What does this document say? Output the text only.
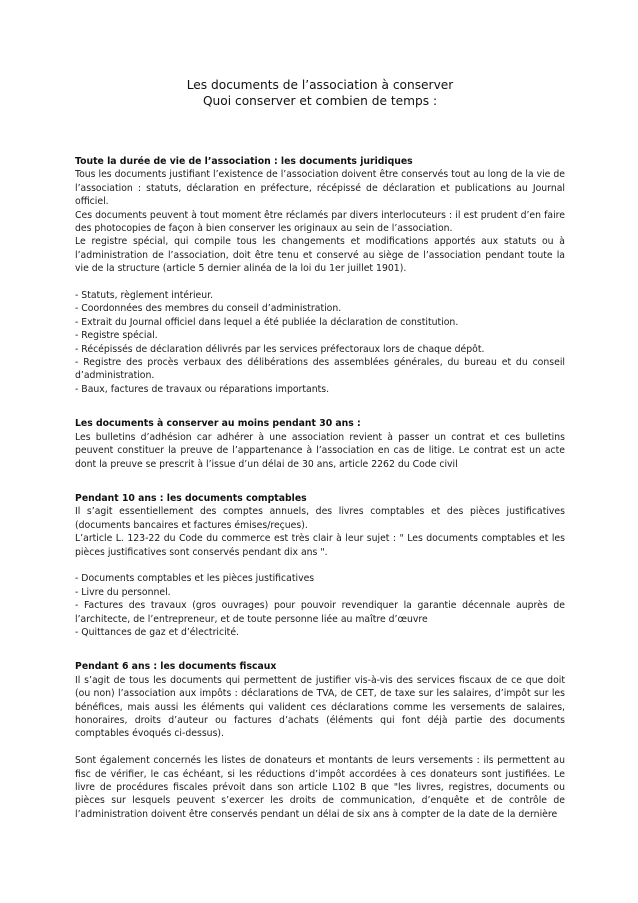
Les documents de l’association à conserver
Quoi conserver et combien de temps :

Toute la durée de vie de l’association : les documents juridiques

Tous les documents justifiant l’existence de l’association doivent être conservés tout au long de la vie de l’association : statuts, déclaration en préfecture, récépissé de déclaration et publications au Journal officiel.

Ces documents peuvent à tout moment être réclamés par divers interlocuteurs : il est prudent d’en faire des photocopies de façon à bien conserver les originaux au sein de l’association.

Le registre spécial, qui compile tous les changements et modifications apportés aux statuts ou à l’administration de l’association, doit être tenu et conservé au siège de l’association pendant toute la vie de la structure (article 5 dernier alinéa de la loi du 1er juillet 1901).

- Statuts, règlement intérieur.

- Coordonnées des membres du conseil d’administration.

- Extrait du Journal officiel dans lequel a été publiée la déclaration de constitution.

- Registre spécial.

- Récépissés de déclaration délivrés par les services préfectoraux lors de chaque dépôt.

- Registre des procès verbaux des délibérations des assemblées générales, du bureau et du conseil d’administration.

- Baux, factures de travaux ou réparations importants.

Les documents à conserver au moins pendant 30 ans :

Les bulletins d’adhésion car adhérer à une association revient à passer un contrat et ces bulletins peuvent constituer la preuve de l’appartenance à l’association en cas de litige. Le contrat est un acte dont la preuve se prescrit à l’issue d’un délai de 30 ans, article 2262 du Code civil

Pendant 10 ans : les documents comptables

Il s’agit essentiellement des comptes annuels, des livres comptables et des pièces justificatives (documents bancaires et factures émises/reçues).

L’article L. 123-22 du Code du commerce est très clair à leur sujet : " Les documents comptables et les pièces justificatives sont conservés pendant dix ans ".

- Documents comptables et les pièces justificatives

- Livre du personnel.

- Factures des travaux (gros ouvrages) pour pouvoir revendiquer la garantie décennale auprès de l’architecte, de l’entrepreneur, et de toute personne liée au maître d’œuvre

- Quittances de gaz et d’électricité.

Pendant 6 ans : les documents fiscaux

Il s’agit de tous les documents qui permettent de justifier vis-à-vis des services fiscaux de ce que doit (ou non) l’association aux impôts : déclarations de TVA, de CET, de taxe sur les salaires, d’impôt sur les bénéfices, mais aussi les éléments qui valident ces déclarations comme les versements de salaires, honoraires, droits d’auteur ou factures d’achats (éléments qui font déjà partie des documents comptables évoqués ci-dessus).

Sont également concernés les listes de donateurs et montants de leurs versements : ils permettent au fisc de vérifier, le cas échéant, si les réductions d’impôt accordées à ces donateurs sont justifiées. Le livre de procédures fiscales prévoit dans son article L102 B que "les livres, registres, documents ou pièces sur lesquels peuvent s’exercer les droits de communication, d’enquête et de contrôle de l’administration doivent être conservés pendant un délai de six ans à compter de la date de la dernière
